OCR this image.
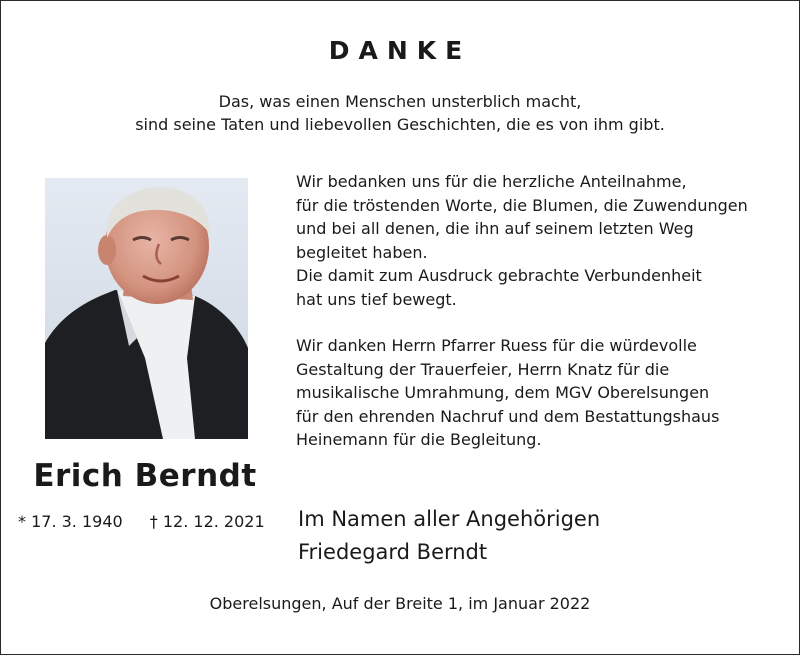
DANKE
Das, was einen Menschen unsterblich macht,
sind seine Taten und liebevollen Geschichten, die es von ihm gibt.
Erich Berndt
* 17. 3. 1940 † 12. 12. 2021

Wir bedanken uns für die herzliche Anteilnahme,
für die tröstenden Worte, die Blumen, die Zuwendungen
und bei all denen, die ihn auf seinem letzten Weg
begleitet haben.
Die damit zum Ausdruck gebrachte Verbundenheit
hat uns tief bewegt.

Wir danken Herrn Pfarrer Ruess für die würdevolle
Gestaltung der Trauerfeier, Herrn Knatz für die
musikalische Umrahmung, dem MGV Oberelsungen
für den ehrenden Nachruf und dem Bestattungshaus
Heinemann für die Begleitung.

Im Namen aller Angehörigen
Friedegard Berndt
Oberelsungen, Auf der Breite 1, im Januar 2022
